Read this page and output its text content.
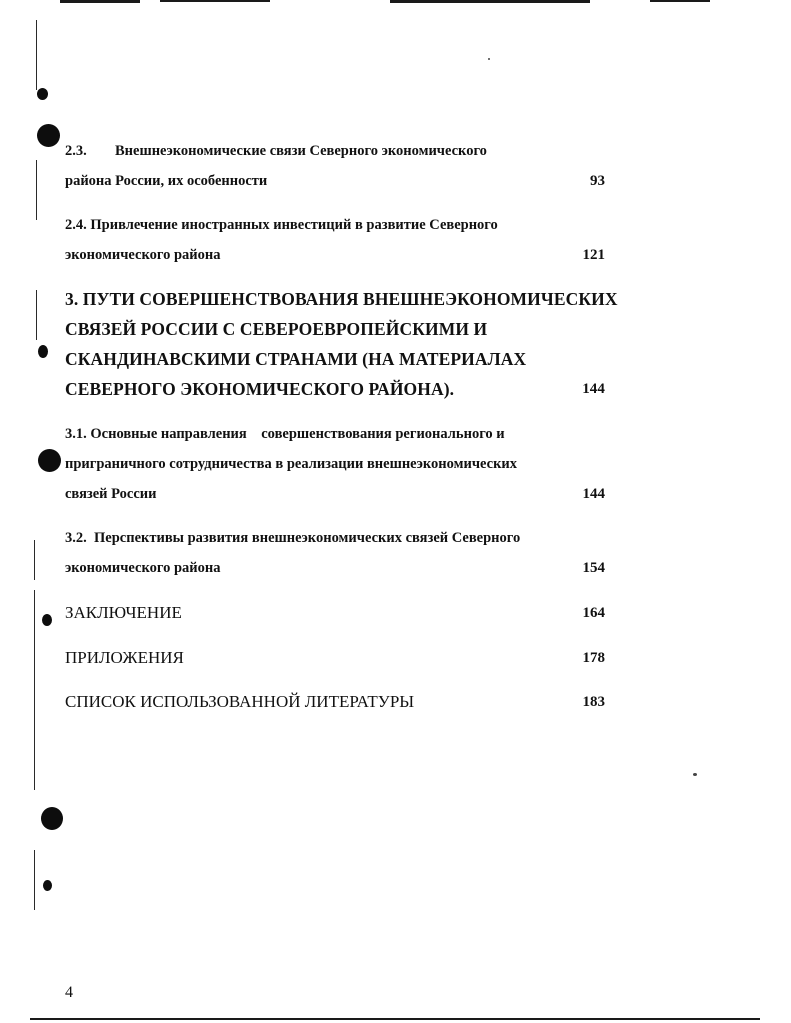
2.3. Внешнеэкономические связи Северного экономического
района России, их особенности	93
2.4. Привлечение иностранных инвестиций в развитие Северного
экономического района	121
3. ПУТИ СОВЕРШЕНСТВОВАНИЯ ВНЕШНЕЭКОНОМИЧЕСКИХ
СВЯЗЕЙ РОССИИ С СЕВЕРОЕВРОПЕЙСКИМИ И
СКАНДИНАВСКИМИ СТРАНАМИ (НА МАТЕРИАЛАХ
СЕВЕРНОГО ЭКОНОМИЧЕСКОГО РАЙОНА).	144
3.1. Основные направления    совершенствования регионального и
приграничного сотрудничества в реализации внешнеэкономических
связей России	144
3.2.  Перспективы развития внешнеэкономических связей Северного
экономического района	154
ЗАКЛЮЧЕНИЕ	164
ПРИЛОЖЕНИЯ	178
СПИСОК ИСПОЛЬЗОВАННОЙ ЛИТЕРАТУРЫ	183
4
